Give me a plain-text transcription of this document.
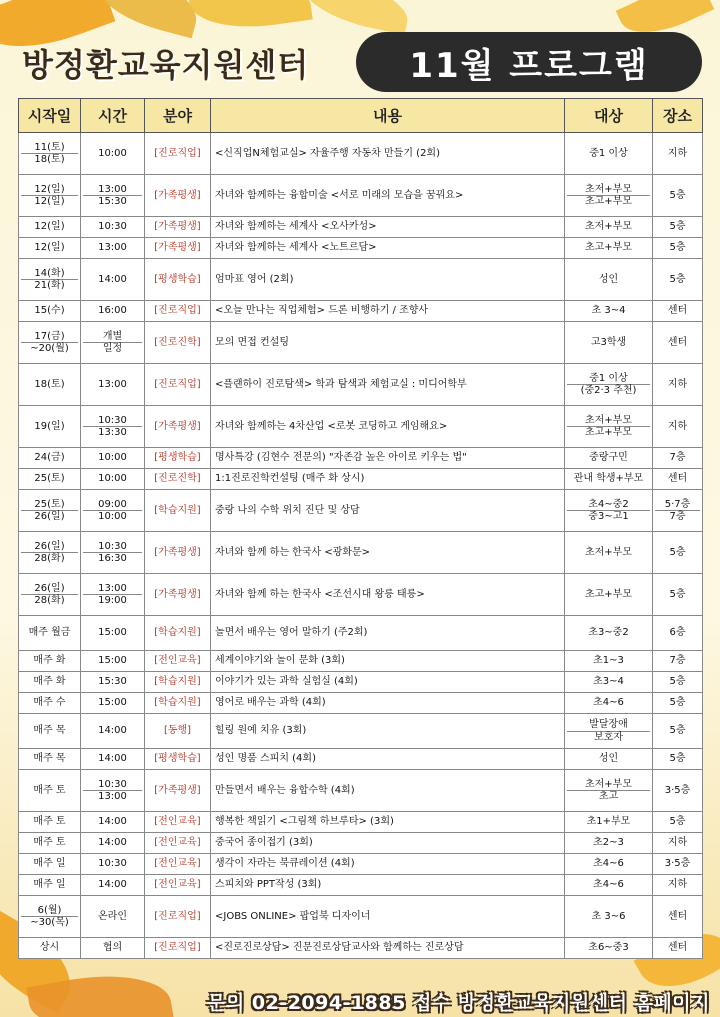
방정환교육지원센터	11월 프로그램
시작일	시간	분야	내용	대상	장소

11(토)
18(토)	10:00	[진로직업]	<신직업N체험교실> 자율주행 자동차 만들기 (2회)	중1 이상	지하

12(일)
12(일)	13:00
15:30	[가족평생]	자녀와 함께하는 융합미술 <서로 미래의 모습을 꿈꿔요>	초저+부모
초고+부모	5층

12(일)	10:30	[가족평생]	자녀와 함께하는 세계사 <오사카성>	초저+부모	5층

12(일)	13:00	[가족평생]	자녀와 함께하는 세계사 <노트르담>	초고+부모	5층

14(화)
21(화)	14:00	[평생학습]	엄마표 영어 (2회)	성인	5층

15(수)	16:00	[진로직업]	<오늘 만나는 직업체험> 드론 비행하기 / 조향사	초 3~4	센터

17(금)
~20(월)	개별
일정	[진로진학]	모의 면접 컨설팅	고3학생	센터

18(토)	13:00	[진로직업]	<플랜하이 진로탐색> 학과 탐색과 체험교실 : 미디어학부	중1 이상
(중2·3 추천)	지하

19(일)	10:30
13:30	[가족평생]	자녀와 함께하는 4차산업 <로봇 코딩하고 게임해요>	초저+부모
초고+부모	지하

24(금)	10:00	[평생학습]	명사특강 (김현수 전문의) "자존감 높은 아이로 키우는 법"	중랑구민	7층

25(토)	10:00	[진로진학]	1:1진로진학컨설팅 (매주 화 상시)	관내 학생+부모	센터

25(토)
26(일)	09:00
10:00	[학습지원]	중랑 나의 수학 위치 진단 및 상담	초4~중2
중3~고1	5·7층
7층

26(일)
28(화)	10:30
16:30	[가족평생]	자녀와 함께 하는 한국사 <광화문>	초저+부모	5층

26(일)
28(화)	13:00
19:00	[가족평생]	자녀와 함께 하는 한국사 <조선시대 왕릉 태릉>	초고+부모	5층

매주 월금	15:00	[학습지원]	놀면서 배우는 영어 말하기 (주2회)	초3~중2	6층

매주 화	15:00	[전인교육]	세계이야기와 놀이 문화 (3회)	초1~3	7층

매주 화	15:30	[학습지원]	이야기가 있는 과학 실험실 (4회)	초3~4	5층

매주 수	15:00	[학습지원]	영어로 배우는 과학 (4회)	초4~6	5층

매주 목	14:00	[동행]	힐링 원예 치유 (3회)	발달장애
보호자	5층

매주 목	14:00	[평생학습]	성인 명품 스피치 (4회)	성인	5층

매주 토	10:30
13:00	[가족평생]	만들면서 배우는 융합수학 (4회)	초저+부모
초고	3·5층

매주 토	14:00	[전인교육]	행복한 책읽기 <그림책 하브루타> (3회)	초1+부모	5층

매주 토	14:00	[전인교육]	중국어 종이접기 (3회)	초2~3	지하

매주 일	10:30	[전인교육]	생각이 자라는 북큐레이션 (4회)	초4~6	3·5층

매주 일	14:00	[전인교육]	스피치와 PPT작성 (3회)	초4~6	지하

6(월)
~30(목)	온라인	[진로직업]	<JOBS ONLINE> 팝업북 디자이너	초 3~6	센터

상시	협의	[진로직업]	<진로진로상담> 진문진로상담교사와 함께하는 진로상담	초6~중3	센터
문의 02-2094-1885 접수 방정환교육지원센터 홈페이지
